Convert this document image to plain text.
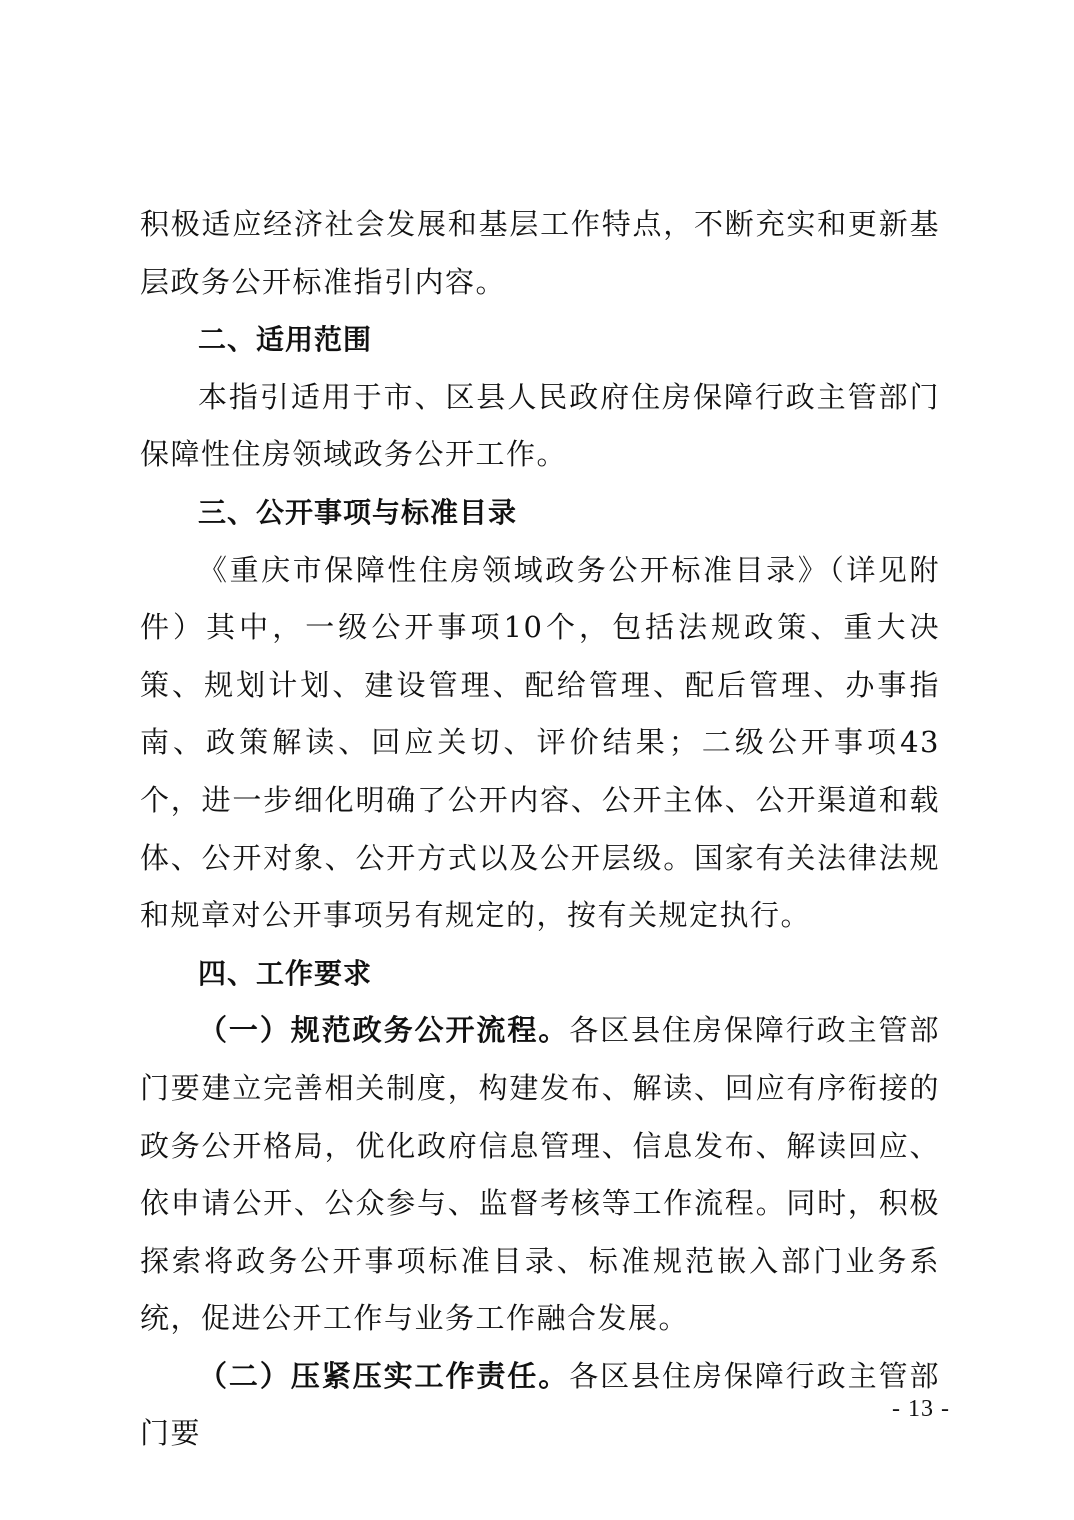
积极适应经济社会发展和基层工作特点，不断充实和更新基层政务公开标准指引内容。

二、适用范围

本指引适用于市、区县人民政府住房保障行政主管部门保障性住房领域政务公开工作。

三、公开事项与标准目录

《重庆市保障性住房领域政务公开标准目录》（详见附件）其中，一级公开事项10个，包括法规政策、重大决策、规划计划、建设管理、配给管理、配后管理、办事指南、政策解读、回应关切、评价结果；二级公开事项43个，进一步细化明确了公开内容、公开主体、公开渠道和载体、公开对象、公开方式以及公开层级。国家有关法律法规和规章对公开事项另有规定的，按有关规定执行。

四、工作要求

（一）规范政务公开流程。各区县住房保障行政主管部门要建立完善相关制度，构建发布、解读、回应有序衔接的政务公开格局，优化政府信息管理、信息发布、解读回应、依申请公开、公众参与、监督考核等工作流程。同时，积极探索将政务公开事项标准目录、标准规范嵌入部门业务系统，促进公开工作与业务工作融合发展。

（二）压紧压实工作责任。各区县住房保障行政主管部门要

- 13 -
